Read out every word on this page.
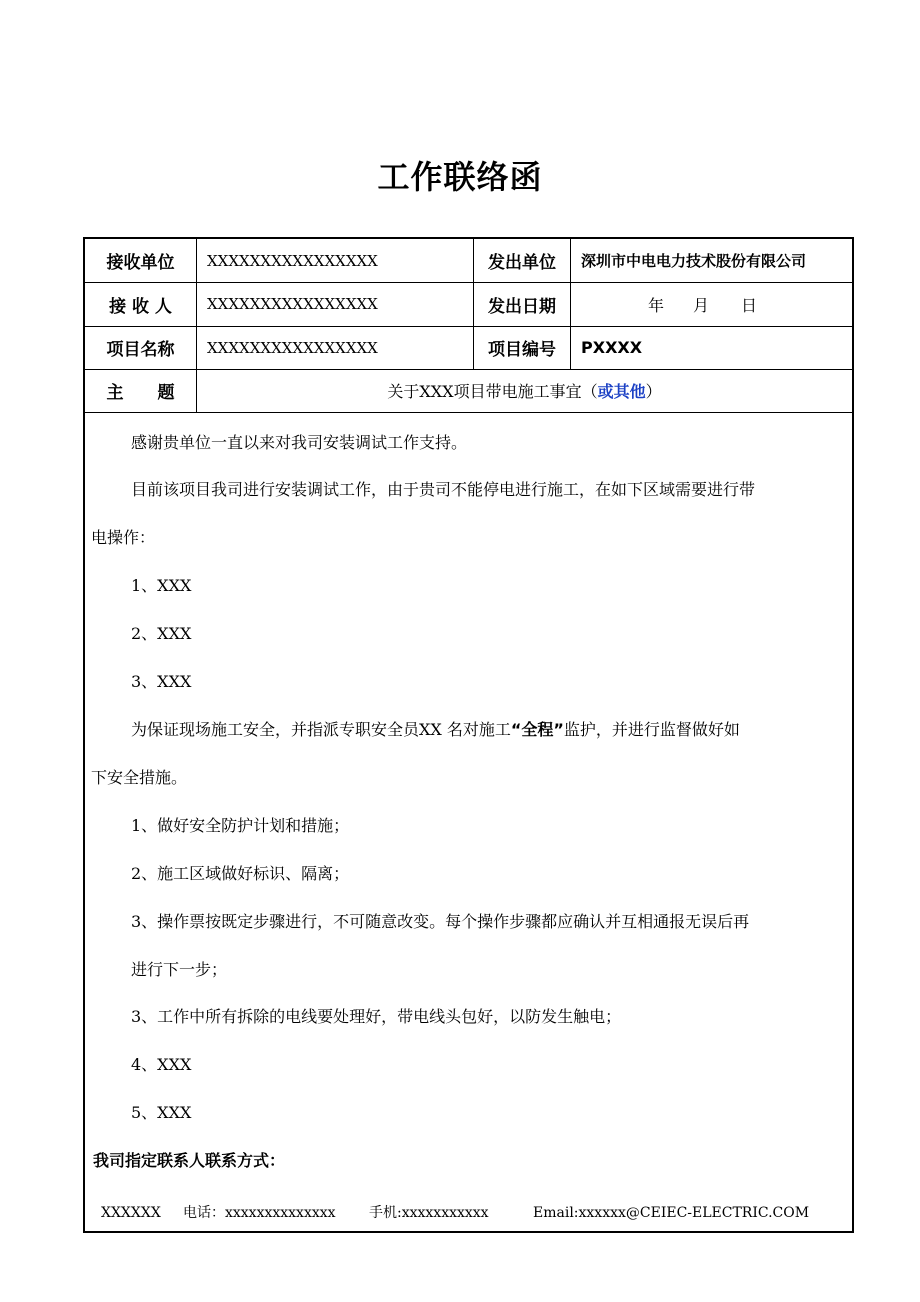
工作联络函
接收单位	XXXXXXXXXXXXXXXX	发出单位	深圳市中电电力技术股份有限公司
接 收 人	XXXXXXXXXXXXXXXX	发出日期	年 月 日
项目名称	XXXXXXXXXXXXXXXX	项目编号	PXXXX
主　　题	关于XXX项目带电施工事宜（ 或其他 ）
感谢贵单位一直以来对我司安装调试工作支持。
目前该项目我司进行安装调试工作，由于贵司不能停电进行施工，在如下区域需要进行带
电操作：
1、XXX
2、XXX
3、XXX
为保证现场施工安全，并指派专职安全员XX 名对施工“全程”监护，并进行监督做好如
下安全措施。
1、做好安全防护计划和措施；
2、施工区域做好标识、隔离；
3、操作票按既定步骤进行，不可随意改变。每个操作步骤都应确认并互相通报无误后再
进行下一步；
3、工作中所有拆除的电线要处理好，带电线头包好，以防发生触电；
4、XXX
5、XXX
我司指定联系人联系方式：
XXXXXX 电话：xxxxxxxxxxxxxx 手机:xxxxxxxxxxx	Email:xxxxxx@CEIEC-ELECTRIC.COM
